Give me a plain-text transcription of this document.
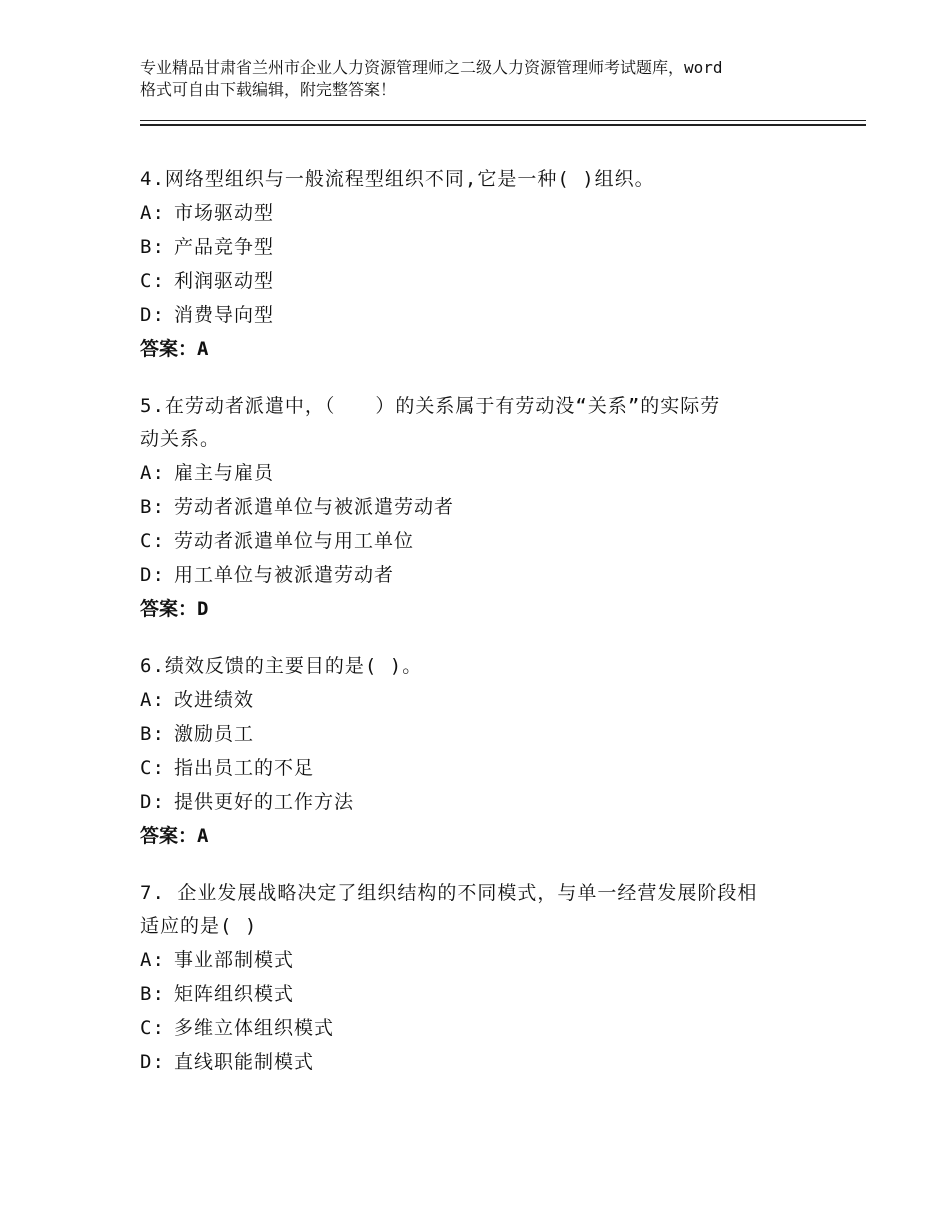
专业精品甘肃省兰州市企业人力资源管理师之二级人力资源管理师考试题库，word
格式可自由下载编辑，附完整答案！
4.网络型组织与一般流程型组织不同,它是一种( )组织。
A: 市场驱动型
B: 产品竞争型
C: 利润驱动型
D: 消费导向型
答案：A
5.在劳动者派遣中，（　　）的关系属于有劳动没“关系”的实际劳
动关系。
A: 雇主与雇员
B: 劳动者派遣单位与被派遣劳动者
C: 劳动者派遣单位与用工单位
D: 用工单位与被派遣劳动者
答案：D
6.绩效反馈的主要目的是( )。
A: 改进绩效
B: 激励员工
C: 指出员工的不足
D: 提供更好的工作方法
答案：A
7. 企业发展战略决定了组织结构的不同模式，与单一经营发展阶段相
适应的是( )
A: 事业部制模式
B: 矩阵组织模式
C: 多维立体组织模式
D: 直线职能制模式
